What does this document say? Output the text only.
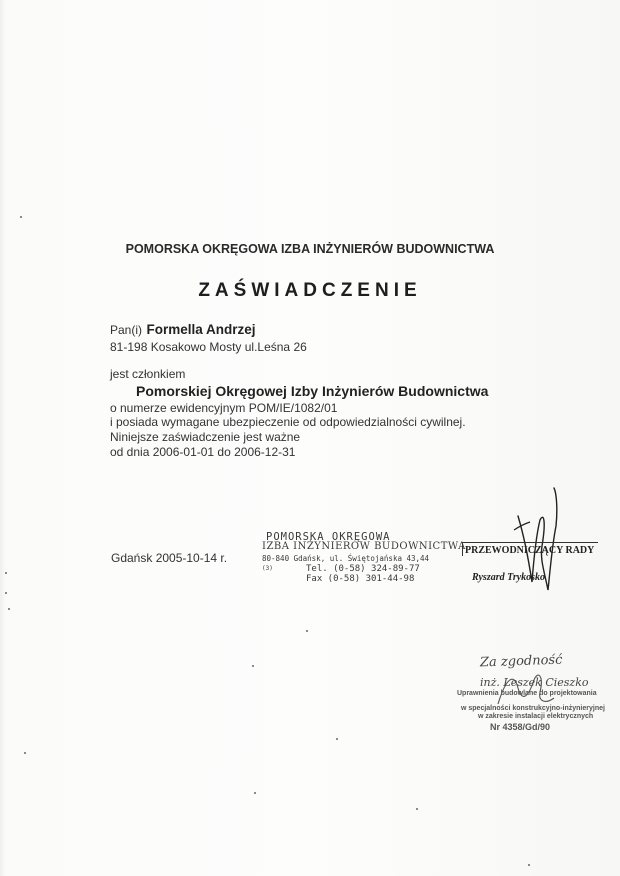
POMORSKA OKRĘGOWA IZBA INŻYNIERÓW BUDOWNICTWA
ZAŚWIADCZENIE
Pan(i) Formella Andrzej
81-198 Kosakowo Mosty ul.Leśna 26
jest członkiem
Pomorskiej Okręgowej Izby Inżynierów Budownictwa
o numerze ewidencyjnym POM/IE/1082/01
i posiada wymagane ubezpieczenie od odpowiedzialności cywilnej.
Niniejsze zaświadczenie jest ważne
od dnia 2006-01-01 do 2006-12-31
Gdańsk 2005-10-14 r.
POMORSKA OKRĘGOWA
IZBA INŻYNIERÓW BUDOWNICTWA
80-840 Gdańsk, ul. Świętojańska 43,44
(3)	Tel. (0-58) 324-89-77
Fax (0-58) 301-44-98
PRZEWODNICZĄCY RADY
Ryszard Trykosko
Za zgodność
inż. Leszek Cieszko
Uprawnienia budowlane do projektowania
w specjalności konstrukcyjno-inżynieryjnej
w zakresie instalacji elektrycznych
Nr 4358/Gd/90
